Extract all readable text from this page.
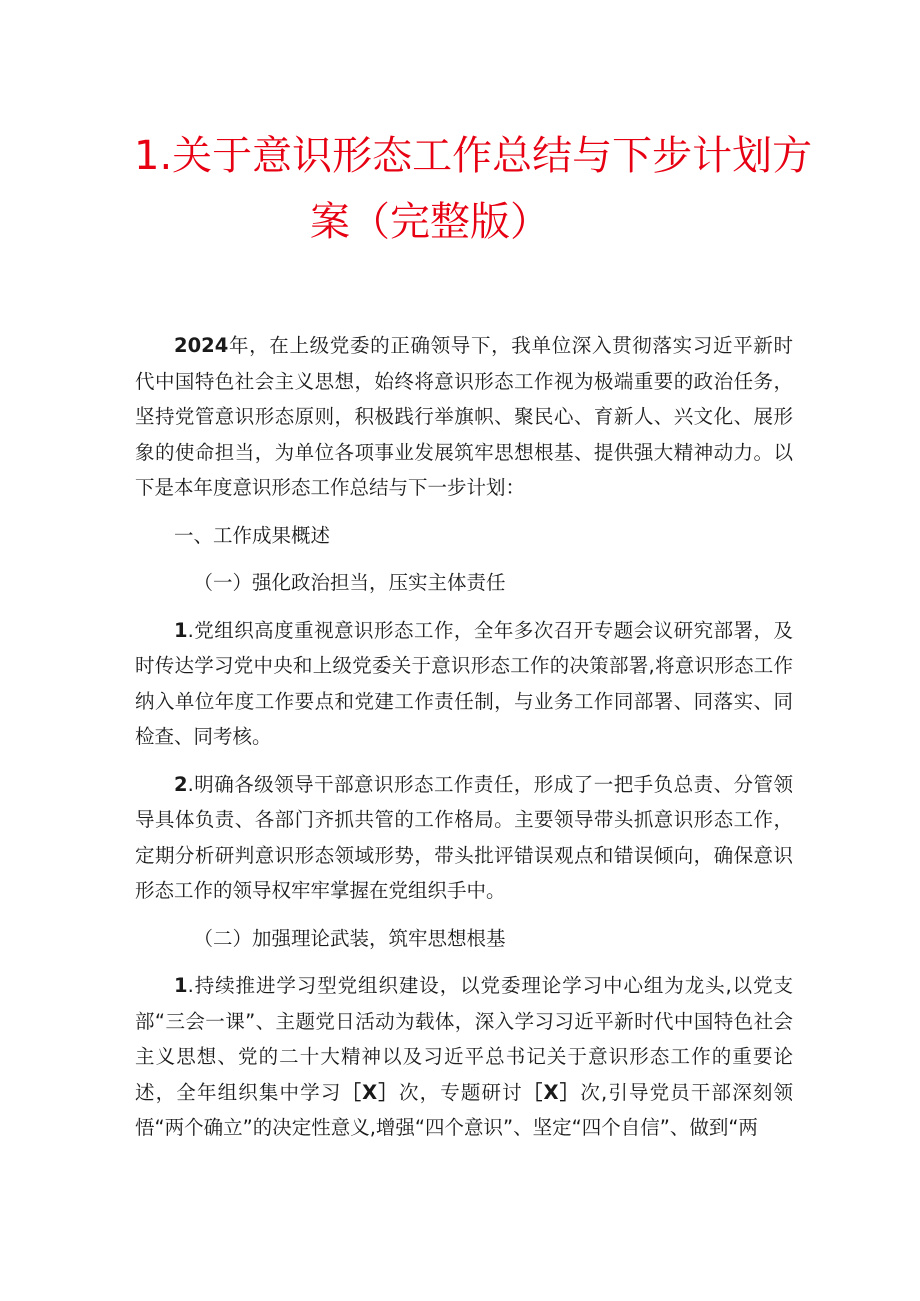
1.关于意识形态工作总结与下步计划方
案（完整版）

2024年，在上级党委的正确领导下，我单位深入贯彻落实习近平新时代中国特色社会主义思想，始终将意识形态工作视为极端重要的政治任务，坚持党管意识形态原则，积极践行举旗帜、聚民心、育新人、兴文化、展形象的使命担当，为单位各项事业发展筑牢思想根基、提供强大精神动力。以下是本年度意识形态工作总结与下一步计划：

一、工作成果概述

（一）强化政治担当，压实主体责任

1.党组织高度重视意识形态工作，全年多次召开专题会议研究部署，及时传达学习党中央和上级党委关于意识形态工作的决策部署,将意识形态工作纳入单位年度工作要点和党建工作责任制，与业务工作同部署、同落实、同检查、同考核。

2.明确各级领导干部意识形态工作责任，形成了一把手负总责、分管领导具体负责、各部门齐抓共管的工作格局。主要领导带头抓意识形态工作，定期分析研判意识形态领域形势，带头批评错误观点和错误倾向，确保意识形态工作的领导权牢牢掌握在党组织手中。

（二）加强理论武装，筑牢思想根基

1.持续推进学习型党组织建设，以党委理论学习中心组为龙头,以党支部“三会一课”、主题党日活动为载体，深入学习习近平新时代中国特色社会主义思想、党的二十大精神以及习近平总书记关于意识形态工作的重要论述，全年组织集中学习［X］次，专题研讨［X］次,引导党员干部深刻领悟“两个确立”的决定性意义,增强“四个意识”、坚定“四个自信”、做到“两
